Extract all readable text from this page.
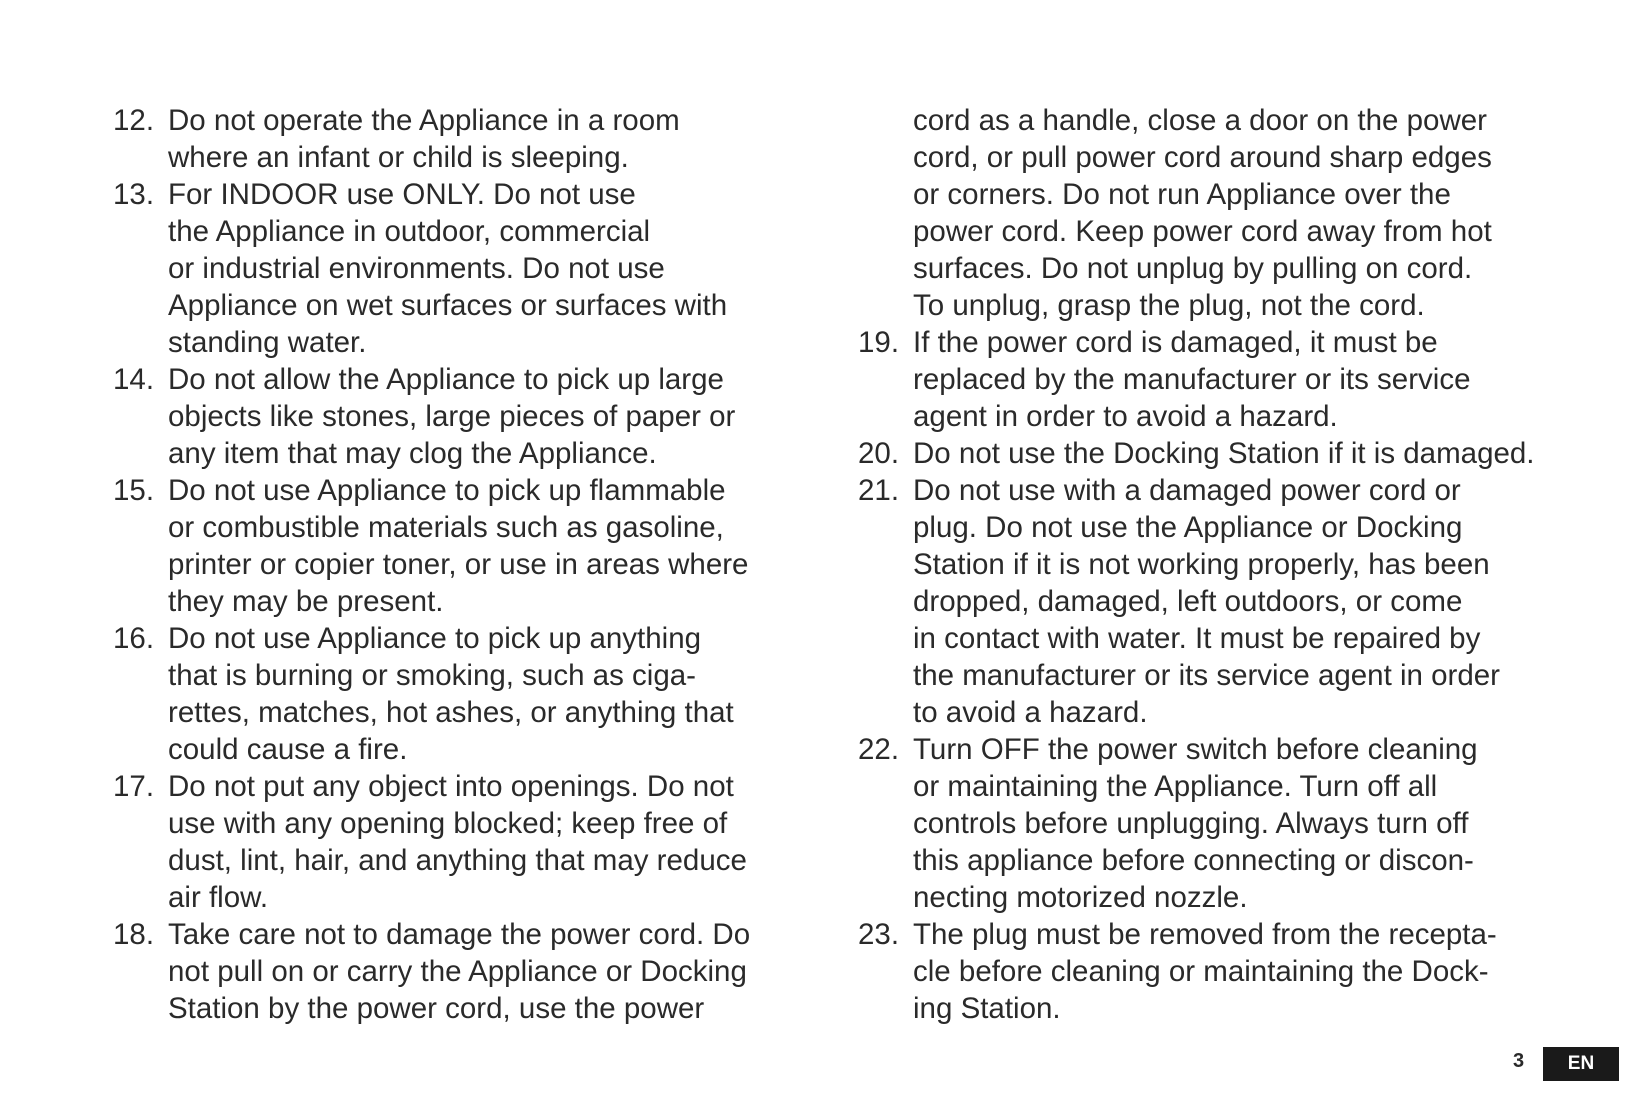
12. Do not operate the Appliance in a room
where an infant or child is sleeping.
13. For INDOOR use ONLY. Do not use
the Appliance in outdoor, commercial
or industrial environments. Do not use
Appliance on wet surfaces or surfaces with
standing water.
14. Do not allow the Appliance to pick up large
objects like stones, large pieces of paper or
any item that may clog the Appliance.
15. Do not use Appliance to pick up flammable
or combustible materials such as gasoline,
printer or copier toner, or use in areas where
they may be present.
16. Do not use Appliance to pick up anything
that is burning or smoking, such as ciga-
rettes, matches, hot ashes, or anything that
could cause a fire.
17. Do not put any object into openings. Do not
use with any opening blocked; keep free of
dust, lint, hair, and anything that may reduce
air flow.
18. Take care not to damage the power cord. Do
not pull on or carry the Appliance or Docking
Station by the power cord, use the power
cord as a handle, close a door on the power
cord, or pull power cord around sharp edges
or corners. Do not run Appliance over the
power cord. Keep power cord away from hot
surfaces. Do not unplug by pulling on cord.
To unplug, grasp the plug, not the cord.
19. If the power cord is damaged, it must be
replaced by the manufacturer or its service
agent in order to avoid a hazard.
20. Do not use the Docking Station if it is damaged.
21. Do not use with a damaged power cord or
plug. Do not use the Appliance or Docking
Station if it is not working properly, has been
dropped, damaged, left outdoors, or come
in contact with water. It must be repaired by
the manufacturer or its service agent in order
to avoid a hazard.
22. Turn OFF the power switch before cleaning
or maintaining the Appliance. Turn off all
controls before unplugging. Always turn off
this appliance before connecting or discon-
necting motorized nozzle.
23. The plug must be removed from the recepta-
cle before cleaning or maintaining the Dock-
ing Station.
3	EN
